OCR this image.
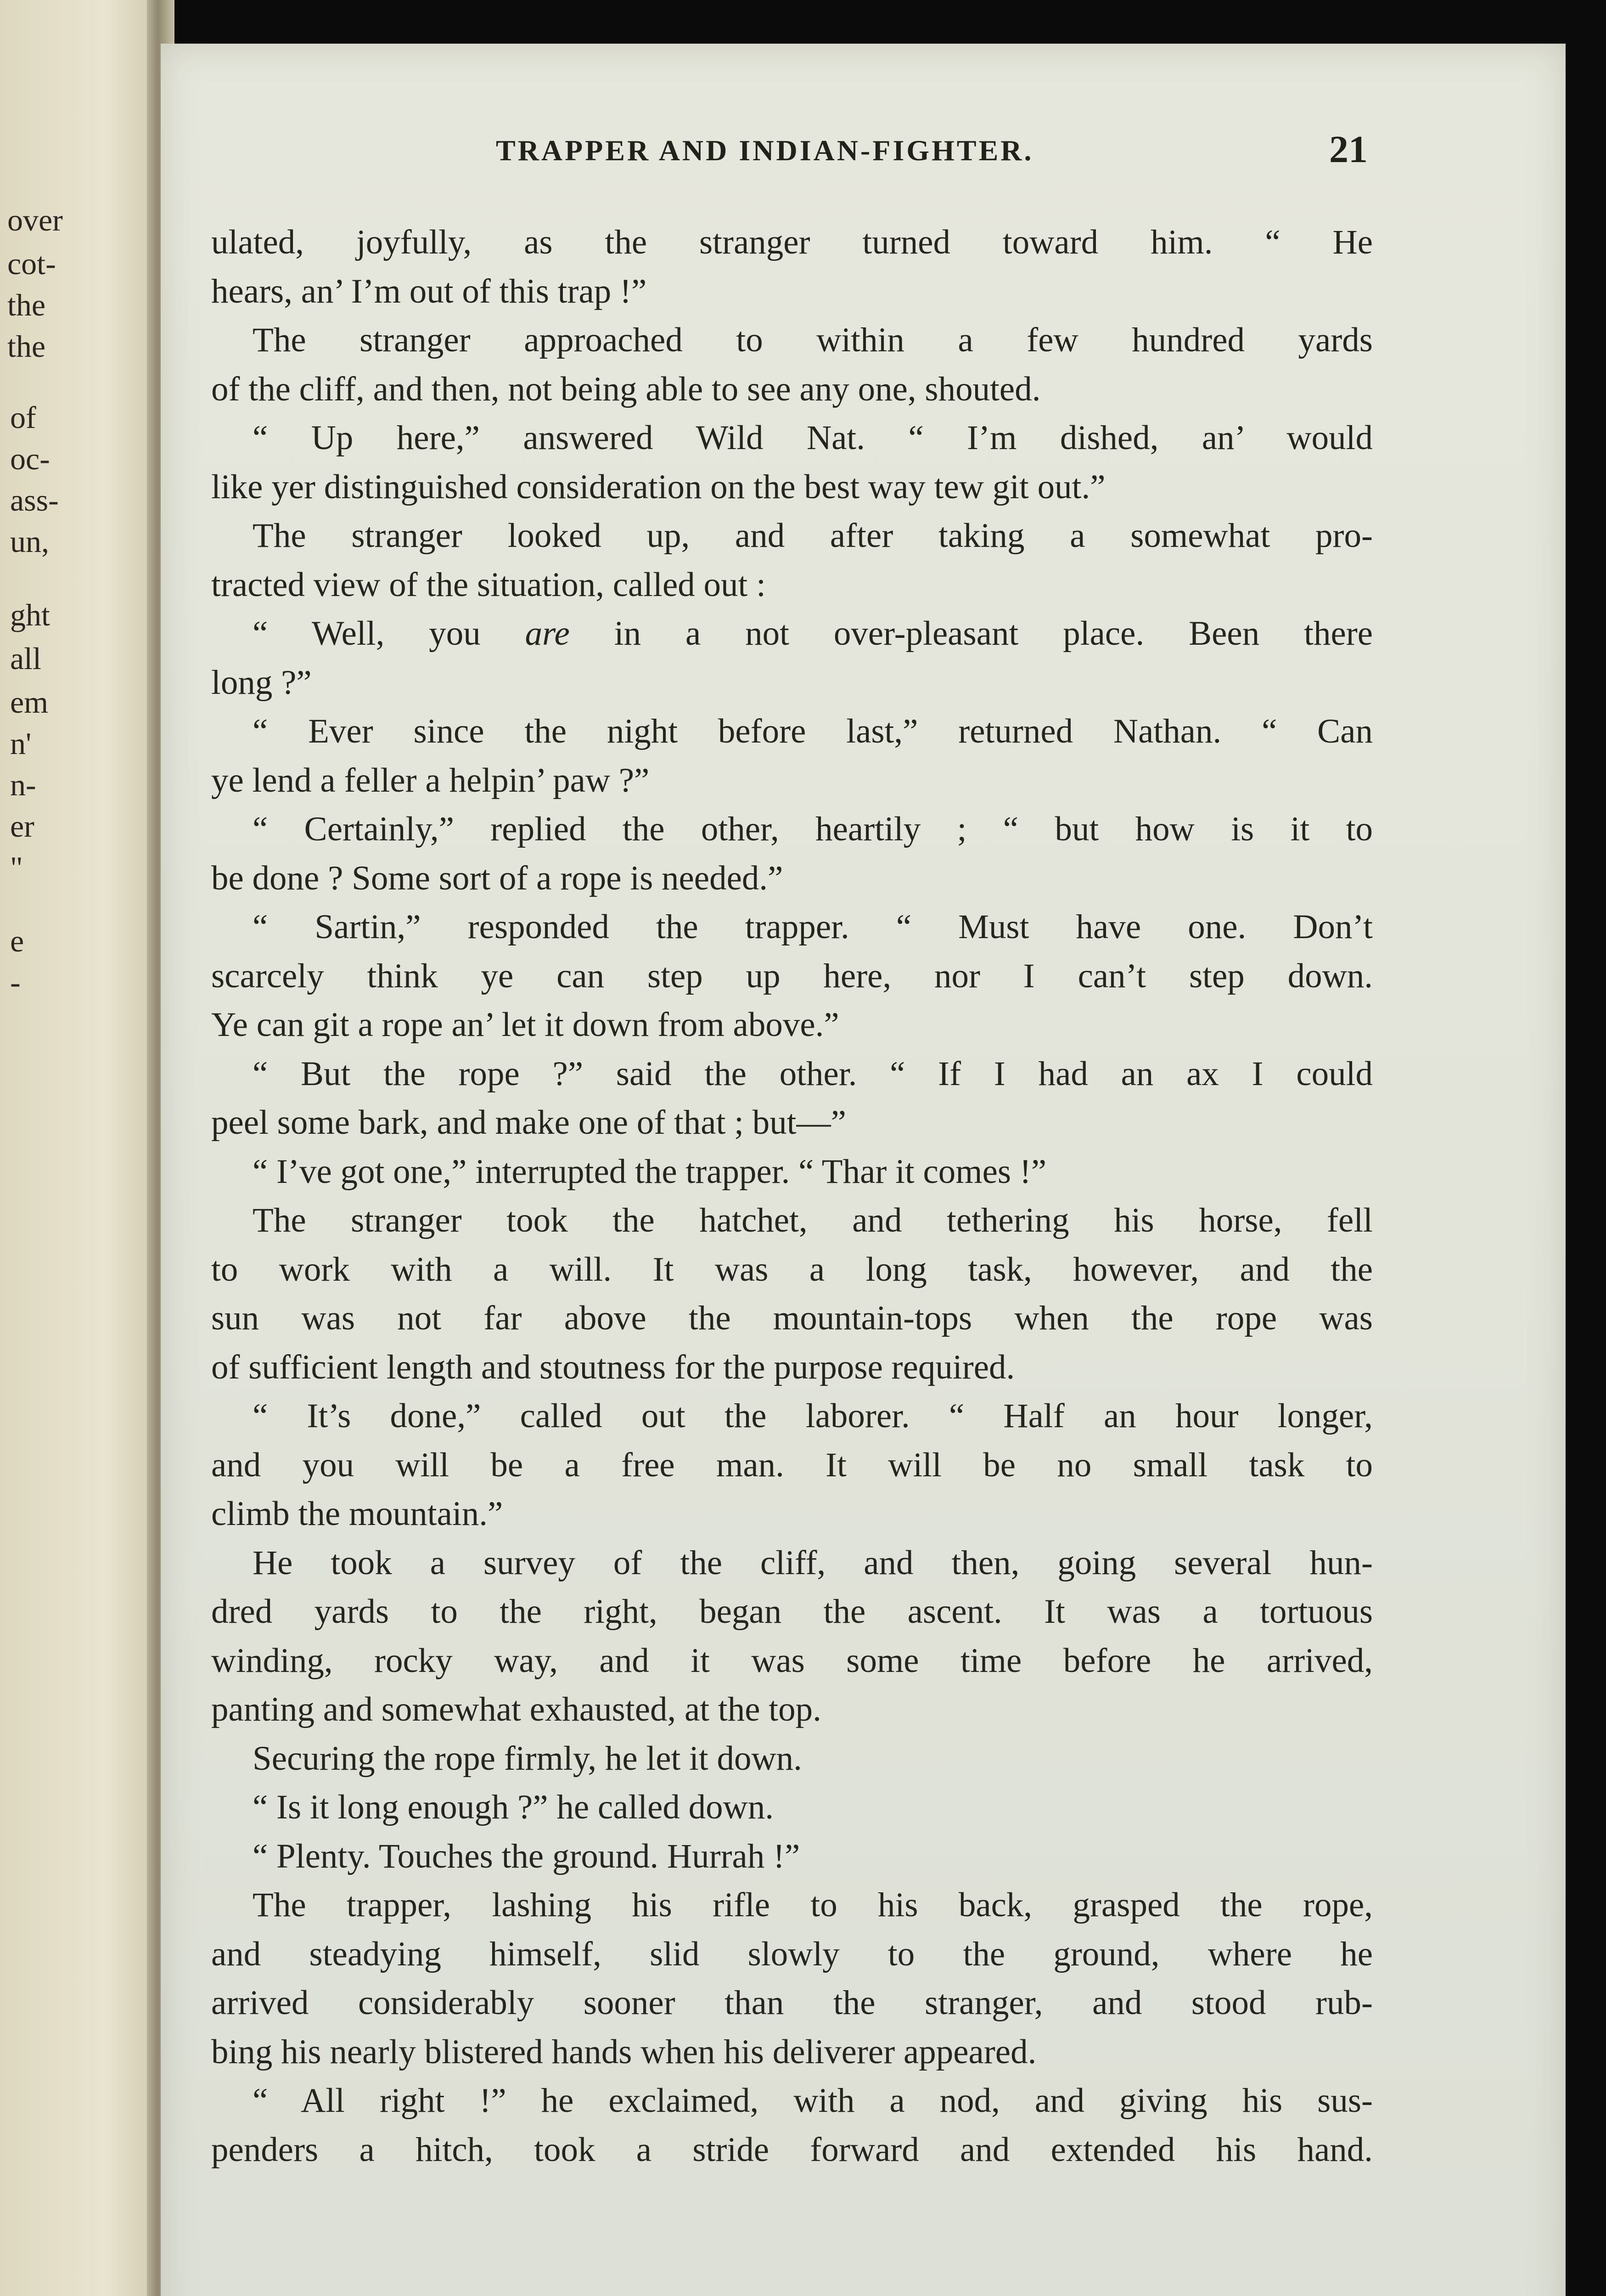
over
cot-
the
the
of
oc-
ass-
un,
ght
all
em
n'
n-
er
"
e
-
TRAPPER AND INDIAN-FIGHTER.	21
ulated, joyfully, as the stranger turned toward him. “ He
hears, an’ I’m out of this trap !”
The stranger approached to within a few hundred yards
of the cliff, and then, not being able to see any one, shouted.
“ Up here,” answered Wild Nat. “ I’m dished, an’ would
like yer distinguished consideration on the best way tew git out.”
The stranger looked up, and after taking a somewhat pro-
tracted view of the situation, called out :
“ Well, you are in a not over-pleasant place. Been there
long ?”
“ Ever since the night before last,” returned Nathan. “ Can
ye lend a feller a helpin’ paw ?”
“ Certainly,” replied the other, heartily ; “ but how is it to
be done ? Some sort of a rope is needed.”
“ Sartin,” responded the trapper. “ Must have one. Don’t
scarcely think ye can step up here, nor I can’t step down.
Ye can git a rope an’ let it down from above.”
“ But the rope ?” said the other. “ If I had an ax I could
peel some bark, and make one of that ; but—”
“ I’ve got one,” interrupted the trapper. “ Thar it comes !”
The stranger took the hatchet, and tethering his horse, fell
to work with a will. It was a long task, however, and the
sun was not far above the mountain-tops when the rope was
of sufficient length and stoutness for the purpose required.
“ It’s done,” called out the laborer. “ Half an hour longer,
and you will be a free man. It will be no small task to
climb the mountain.”
He took a survey of the cliff, and then, going several hun-
dred yards to the right, began the ascent. It was a tortuous
winding, rocky way, and it was some time before he arrived,
panting and somewhat exhausted, at the top.
Securing the rope firmly, he let it down.
“ Is it long enough ?” he called down.
“ Plenty. Touches the ground. Hurrah !”
The trapper, lashing his rifle to his back, grasped the rope,
and steadying himself, slid slowly to the ground, where he
arrived considerably sooner than the stranger, and stood rub-
bing his nearly blistered hands when his deliverer appeared.
“ All right !” he exclaimed, with a nod, and giving his sus-
penders a hitch, took a stride forward and extended his hand.
